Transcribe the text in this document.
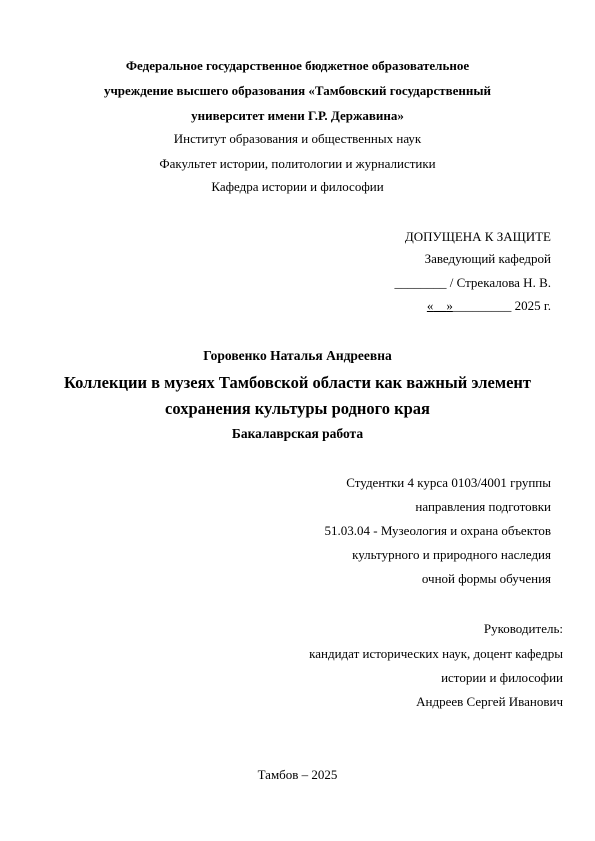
Федеральное государственное бюджетное образовательное
учреждение высшего образования «Тамбовский государственный
университет имени Г.Р. Державина»
Институт образования и общественных наук
Факультет истории, политологии и журналистики
Кафедра истории и философии
ДОПУЩЕНА К ЗАЩИТЕ
Заведующий кафедрой
________ / Стрекалова Н. В.
«__»_________ 2025 г.
Горовенко Наталья Андреевна
Коллекции в музеях Тамбовской области как важный элемент
сохранения культуры родного края
Бакалаврская работа
Студентки 4 курса 0103/4001 группы
направления подготовки
51.03.04 - Музеология и охрана объектов
культурного и природного наследия
очной формы обучения
Руководитель:
кандидат исторических наук, доцент кафедры
истории и философии
Андреев Сергей Иванович
Тамбов – 2025
